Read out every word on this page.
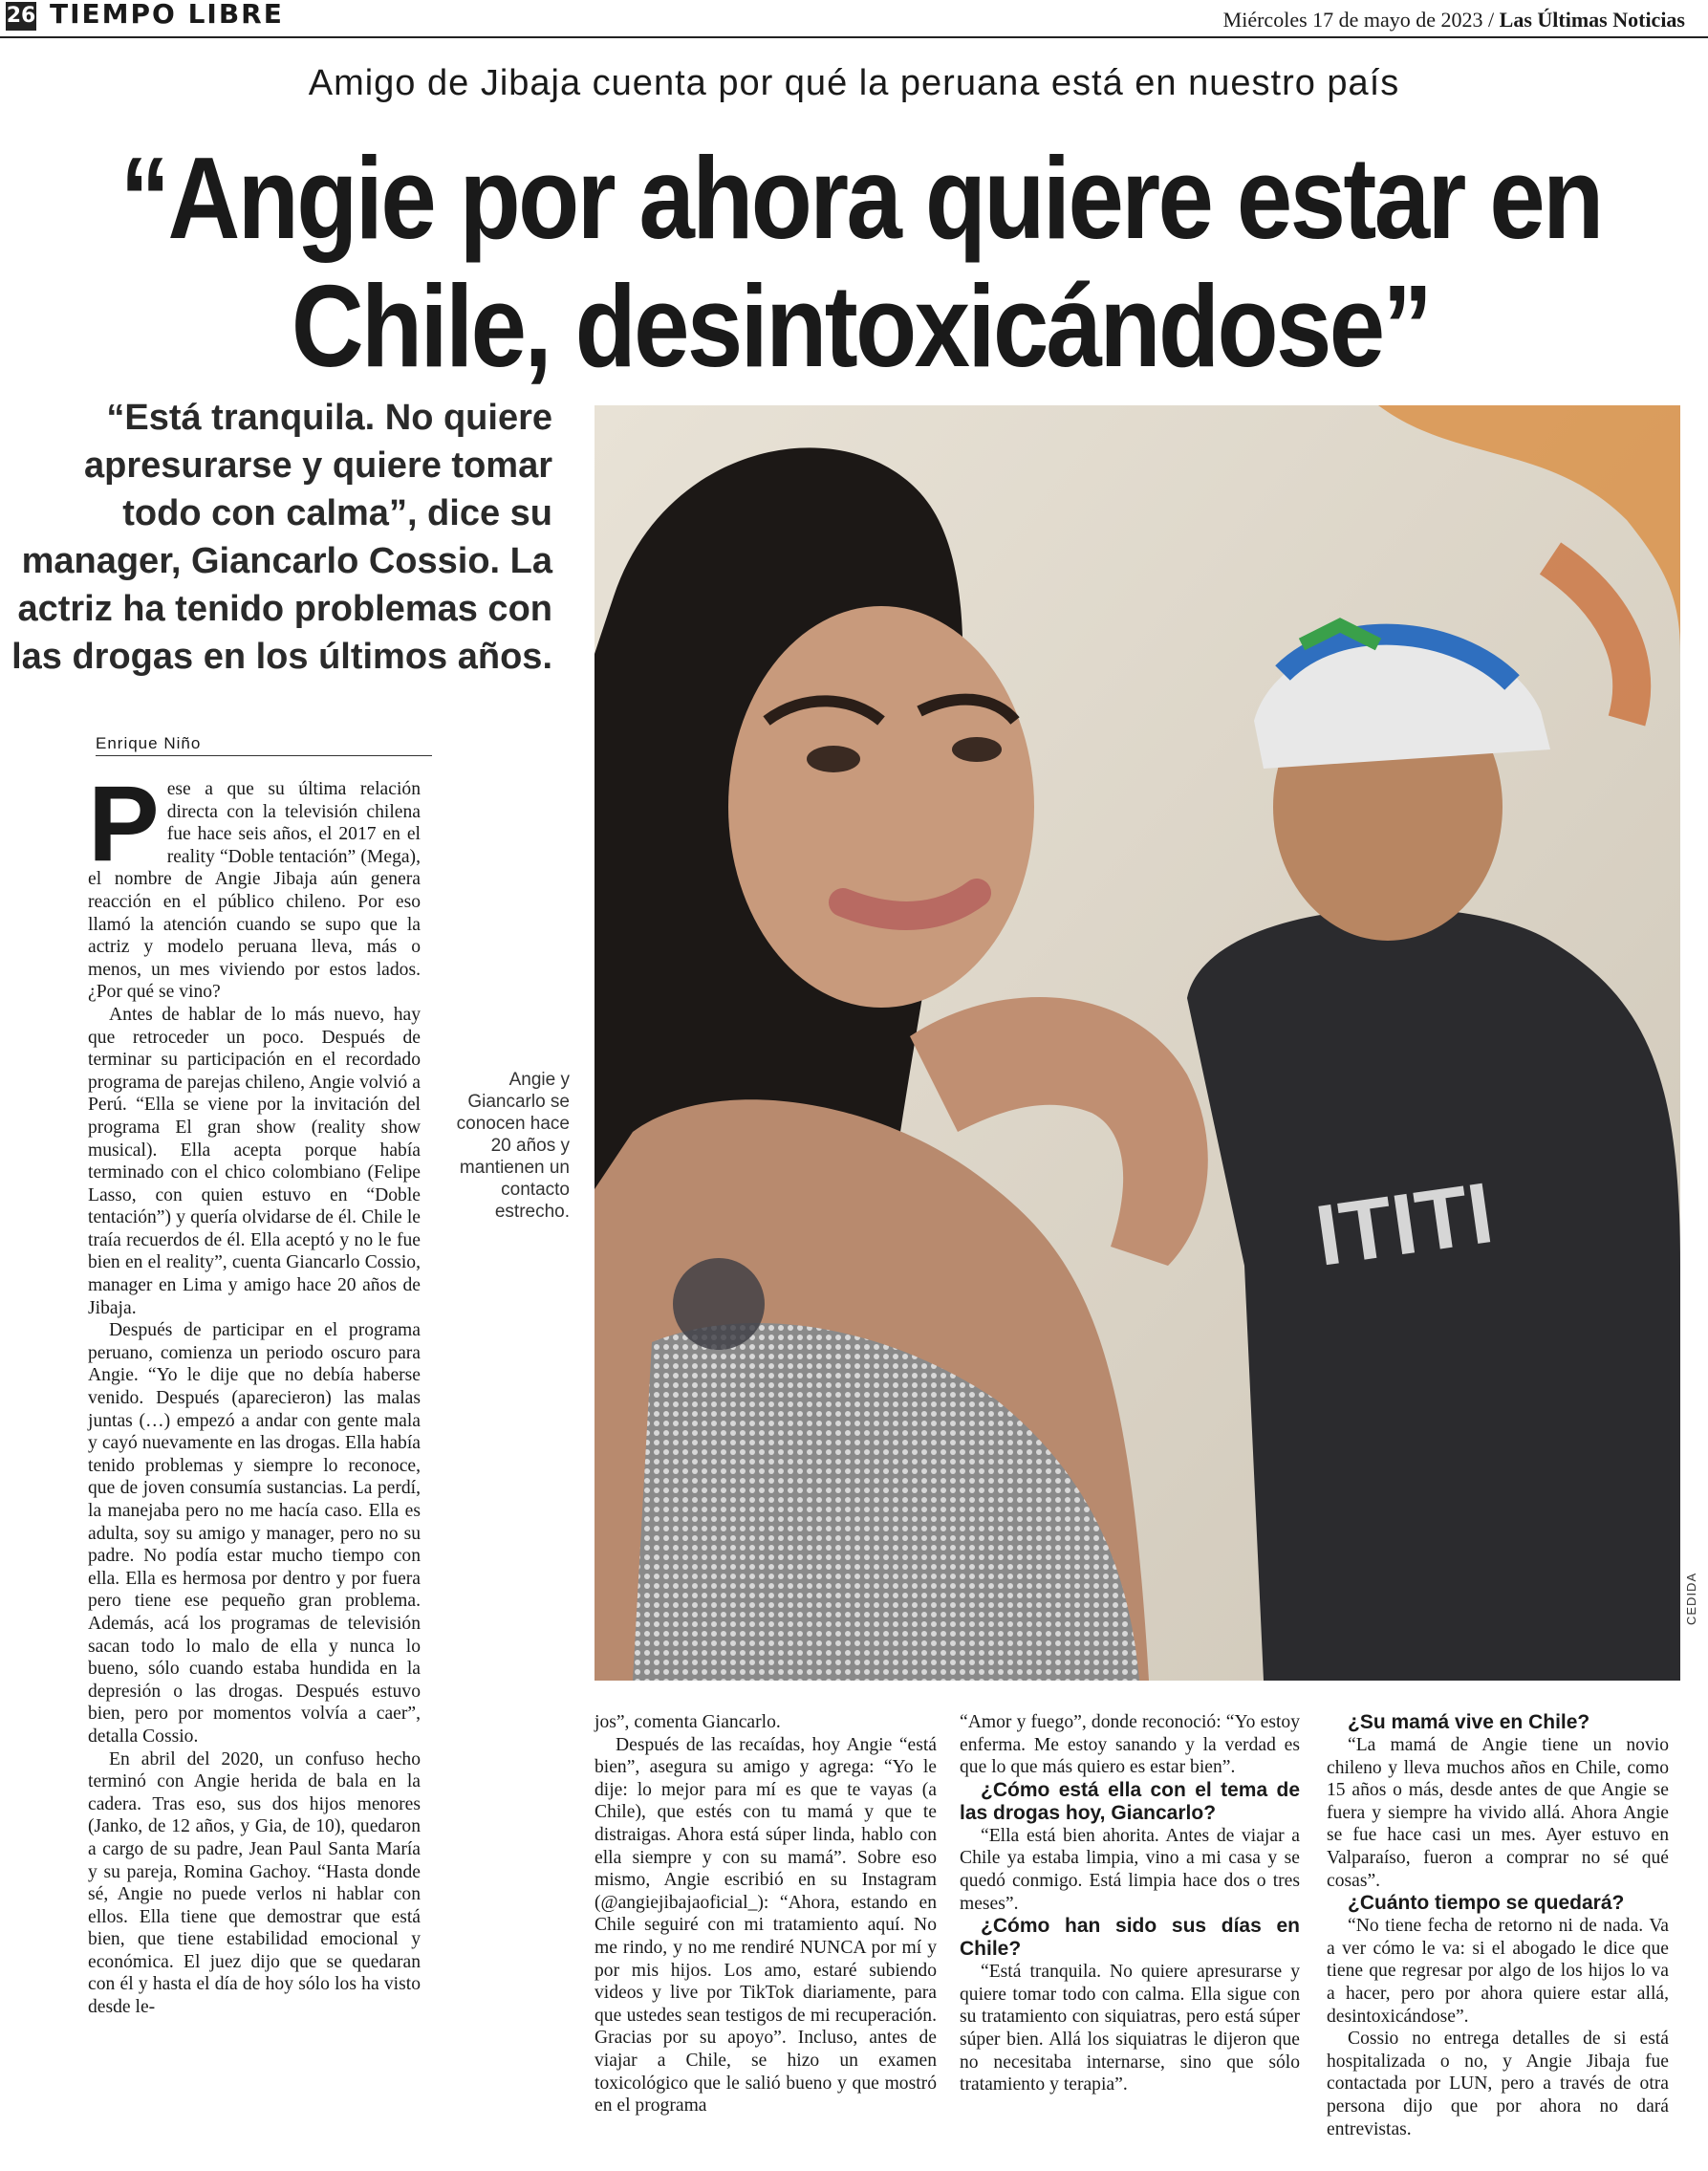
26 TIEMPO LIBRE	Miércoles 17 de mayo de 2023 / Las Últimas Noticias
Amigo de Jibaja cuenta por qué la peruana está en nuestro país
“Angie por ahora quiere estar en Chile, desintoxicándose”
“Está tranquila. No quiere apresurarse y quiere tomar todo con calma”, dice su manager, Giancarlo Cossio. La actriz ha tenido problemas con las drogas en los últimos años.
Enrique Niño

Pese a que su última relación directa con la televisión chilena fue hace seis años, el 2017 en el reality “Doble tentación” (Mega), el nombre de Angie Jibaja aún genera reacción en el público chileno. Por eso llamó la atención cuando se supo que la actriz y modelo peruana lleva, más o menos, un mes viviendo por estos lados. ¿Por qué se vino?

Antes de hablar de lo más nuevo, hay que retroceder un poco. Después de terminar su participación en el recordado programa de parejas chileno, Angie volvió a Perú. “Ella se viene por la invitación del programa El gran show (reality show musical). Ella acepta porque había terminado con el chico colombiano (Felipe Lasso, con quien estuvo en “Doble tentación”) y quería olvidarse de él. Chile le traía recuerdos de él. Ella aceptó y no le fue bien en el reality”, cuenta Giancarlo Cossio, manager en Lima y amigo hace 20 años de Jibaja.

Después de participar en el programa peruano, comienza un periodo oscuro para Angie. “Yo le dije que no debía haberse venido. Después (aparecieron) las malas juntas (…) empezó a andar con gente mala y cayó nuevamente en las drogas. Ella había tenido problemas y siempre lo reconoce, que de joven consumía sustancias. La perdí, la manejaba pero no me hacía caso. Ella es adulta, soy su amigo y manager, pero no su padre. No podía estar mucho tiempo con ella. Ella es hermosa por dentro y por fuera pero tiene ese pequeño gran problema. Además, acá los programas de televisión sacan todo lo malo de ella y nunca lo bueno, sólo cuando estaba hundida en la depresión o las drogas. Después estuvo bien, pero por momentos volvía a caer”, detalla Cossio.

En abril del 2020, un confuso hecho terminó con Angie herida de bala en la cadera. Tras eso, sus dos hijos menores (Janko, de 12 años, y Gia, de 10), quedaron a cargo de su padre, Jean Paul Santa María y su pareja, Romina Gachoy. “Hasta donde sé, Angie no puede verlos ni hablar con ellos. Ella tiene que demostrar que está bien, que tiene estabilidad emocional y económica. El juez dijo que se quedaran con él y hasta el día de hoy sólo los ha visto desde le-

Angie y Giancarlo se conocen hace 20 años y mantienen un contacto estrecho.	ITITI
CEDIDA

jos”, comenta Giancarlo.

Después de las recaídas, hoy Angie “está bien”, asegura su amigo y agrega: “Yo le dije: lo mejor para mí es que te vayas (a Chile), que estés con tu mamá y que te distraigas. Ahora está súper linda, hablo con ella siempre y con su mamá”. Sobre eso mismo, Angie escribió en su Instagram (@angiejibajaoficial_): “Ahora, estando en Chile seguiré con mi tratamiento aquí. No me rindo, y no me rendiré NUNCA por mí y por mis hijos. Los amo, estaré subiendo videos y live por TikTok diariamente, para que ustedes sean testigos de mi recuperación. Gracias por su apoyo”. Incluso, antes de viajar a Chile, se hizo un examen toxicológico que le salió bueno y que mostró en el programa

“Amor y fuego”, donde reconoció: “Yo estoy enferma. Me estoy sanando y la verdad es que lo que más quiero es estar bien”.

¿Cómo está ella con el tema de las drogas hoy, Giancarlo?

“Ella está bien ahorita. Antes de viajar a Chile ya estaba limpia, vino a mi casa y se quedó conmigo. Está limpia hace dos o tres meses”.

¿Cómo han sido sus días en Chile?

“Está tranquila. No quiere apresurarse y quiere tomar todo con calma. Ella sigue con su tratamiento con siquiatras, pero está súper súper bien. Allá los siquiatras le dijeron que no necesitaba internarse, sino que sólo tratamiento y terapia”.

¿Su mamá vive en Chile?

“La mamá de Angie tiene un novio chileno y lleva muchos años en Chile, como 15 años o más, desde antes de que Angie se fuera y siempre ha vivido allá. Ahora Angie se fue hace casi un mes. Ayer estuvo en Valparaíso, fueron a comprar no sé qué cosas”.

¿Cuánto tiempo se quedará?

“No tiene fecha de retorno ni de nada. Va a ver cómo le va: si el abogado le dice que tiene que regresar por algo de los hijos lo va a hacer, pero por ahora quiere estar allá, desintoxicándose”.

Cossio no entrega detalles de si está hospitalizada o no, y Angie Jibaja fue contactada por LUN, pero a través de otra persona dijo que por ahora no dará entrevistas.
